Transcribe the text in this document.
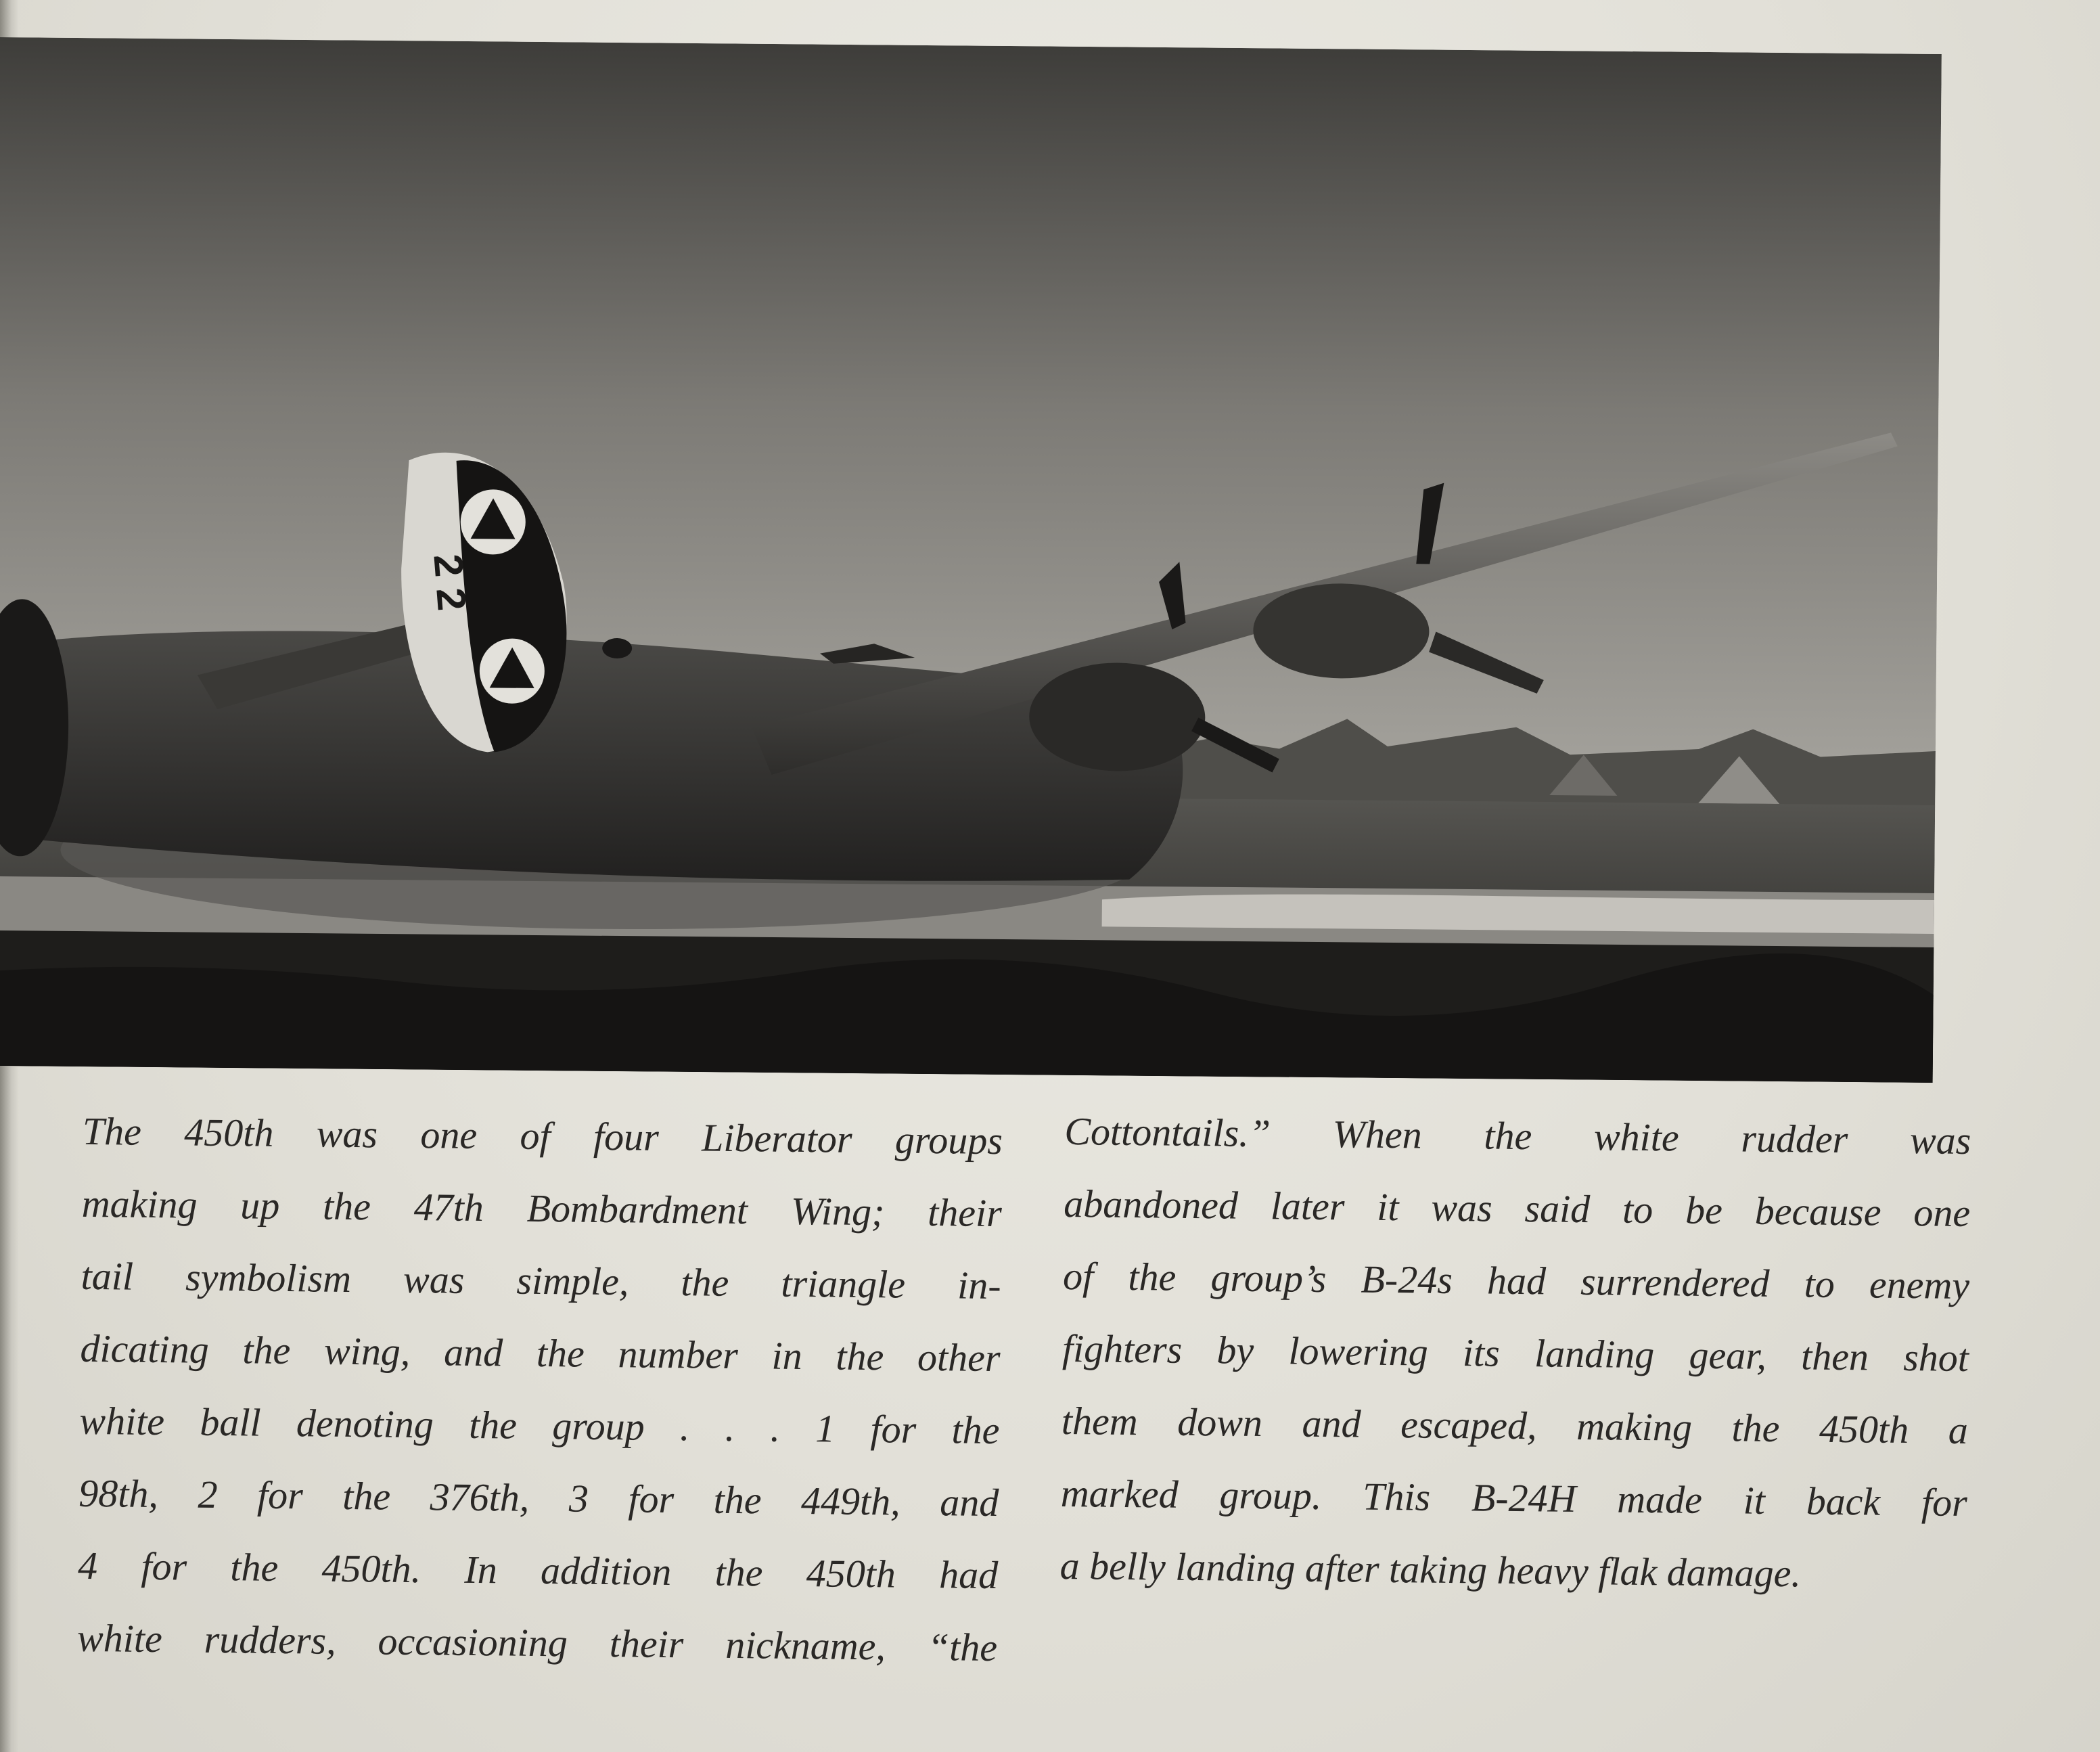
2 2
The 450th was one of four Liberator groups
making up the 47th Bombardment Wing; their
tail symbolism was simple, the triangle in-
dicating the wing, and the number in the other
white ball denoting the group . . . 1 for the
98th, 2 for the 376th, 3 for the 449th, and
4 for the 450th. In addition the 450th had
white rudders, occasioning their nickname, “the
Cottontails.” When the white rudder was
abandoned later it was said to be because one
of the group’s B-24s had surrendered to enemy
fighters by lowering its landing gear, then shot
them down and escaped, making the 450th a
marked group. This B-24H made it back for
a belly landing after taking heavy flak damage.
